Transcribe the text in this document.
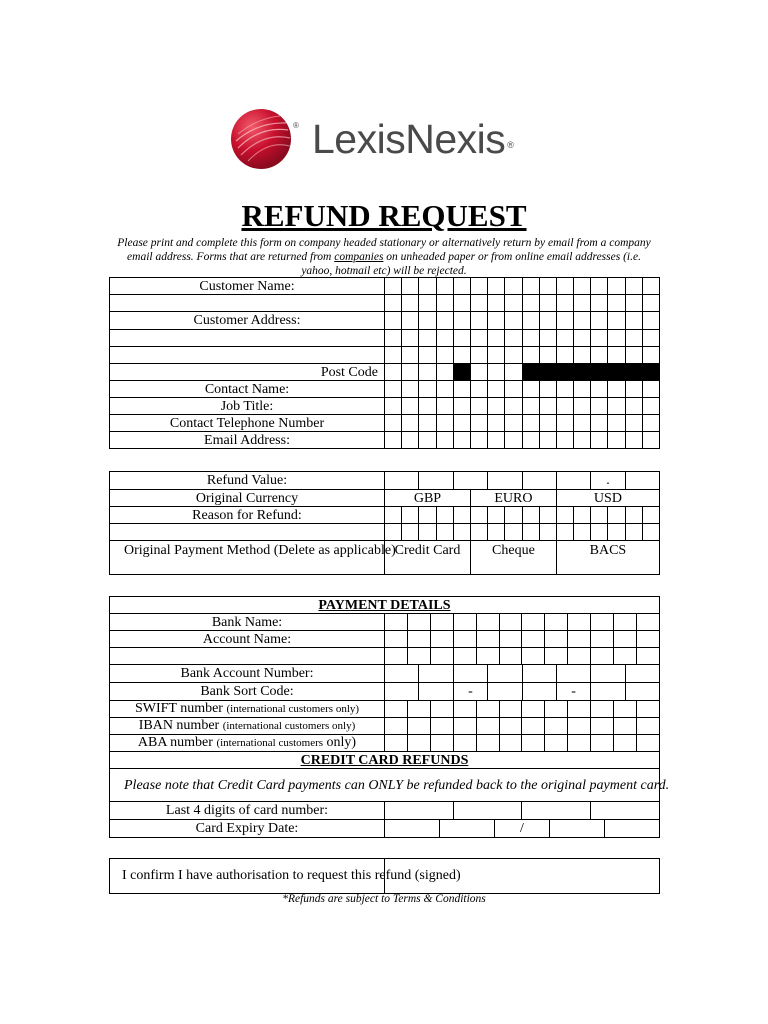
® LexisNexis ®
REFUND REQUEST

Please print and complete this form on company headed stationary or alternatively return by email from a company email address. Forms that are returned from companies on unheaded paper or from online email addresses (i.e. yahoo, hotmail etc) will be rejected.

Customer Name:																

Customer Address:																

Post Code																
Contact Name:																
Job Title:																
Contact Telephone Number																
Email Address:																
Refund Value:													.			
Original Currency	GBP					EURO					USD					
Reason for Refund:																

Original Payment Method (Delete as applicable)	Credit Card					Cheque					BACS					
PAYMENT DETAILS												
Bank Name:												
Account Name:												

Bank Account Number:												

Bank Sort Code:	- -											

SWIFT number (international customers only)												
IBAN number (international customers only)												
ABA number (international customers only)												
CREDIT CARD REFUNDS												
Please note that Credit Card payments can ONLY be refunded back to the original payment card.												
Last 4 digits of card number:												

Card Expiry Date:	/											
I confirm I have authorisation to request this refund (signed)	
*Refunds are subject to Terms & Conditions
